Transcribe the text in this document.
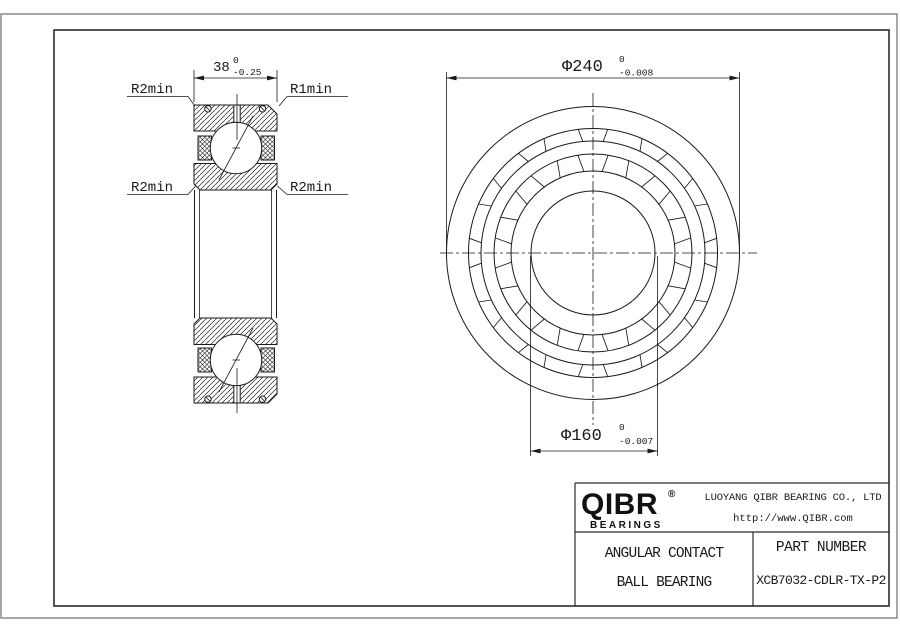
38 0
-0.25
R2min	R1min
R2min	R2min
Φ240 0
-0.008
Φ160 0
-0.007
QIBR ®
BEARINGS
LUOYANG QIBR BEARING CO., LTD
http://www.QIBR.com
ANGULAR CONTACT
BALL BEARING
PART NUMBER
XCB7032-CDLR-TX-P2
